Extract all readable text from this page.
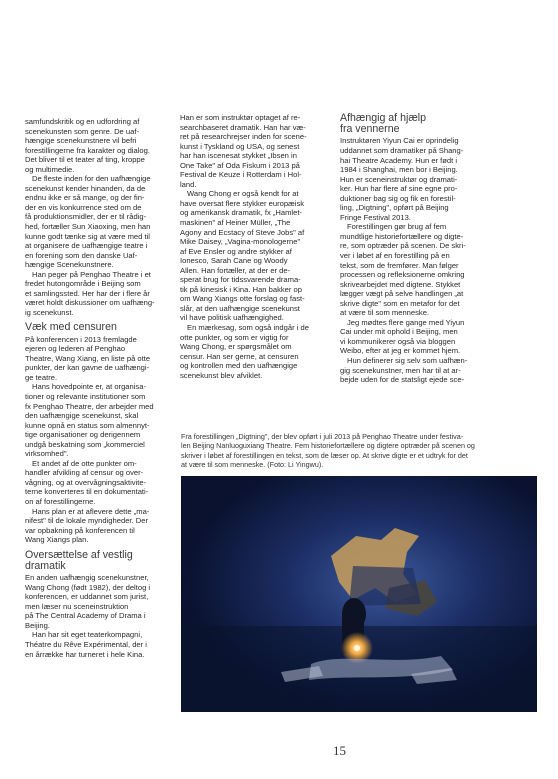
samfundskritik og en udfordring af
scenekunsten som genre. De uaf-
hængige scenekunstnere vil befri
forestillingerne fra karakter og dialog.
Det bliver til et teater af ting, kroppe
og multimedie.

De fleste inden for den uafhængige
scenekunst kender hinanden, da de
endnu ikke er så mange, og der fin-
der en vis konkurrence sted om de
få produktionsmidler, der er til rådig-
hed, fortæller Sun Xiaoxing, men han
kunne godt tænke sig at være med til
at organisere de uafhængige teatre i
en forening som den danske Uaf-
hængige Scenekunstnere.

Han peger på Penghao Theatre i et
fredet hutongområde i Beijing som
et samlingssted. Her har der i flere år
været holdt diskussioner om uafhæng-
ig scenekunst.

Væk med censuren

På konferencen i 2013 fremlagde
ejeren og lederen af Penghao
Theatre, Wang Xiang, en liste på otte
punkter, der kan gavne de uafhængi-
ge teatre.

Hans hovedpointe er, at organisa-
tioner og relevante institutioner som
fx Penghao Theatre, der arbejder med
den uafhængige scenekunst, skal
kunne opnå en status som almennyt-
tige organisationer og derigennem
undgå beskatning som „kommerciel
virksomhed".

Et andet af de otte punkter om-
handler afvikling af censur og over-
vågning, og at overvågningsaktivite-
terne konverteres til en dokumentati-
on af forestillingerne.

Hans plan er at aflevere dette „ma-
nifest" til de lokale myndigheder. Der
var opbakning på konferencen til
Wang Xiangs plan.

Oversættelse af vestlig
dramatik

En anden uafhængig scenekunstner,
Wang Chong (født 1982), der deltog i
konferencen, er uddannet som jurist,
men læser nu sceneinstruktion
på The Central Academy of Drama i
Beijing.

Han har sit eget teaterkompagni,
Théatre du Rêve Expérimental, der i
en årrække har turneret i hele Kina.

Han er som instruktør optaget af re-
searchbaseret dramatik. Han har væ-
ret på researchrejser inden for scene-
kunst i Tyskland og USA, og senest
har han iscenesat stykket „Ibsen in
One Take" af Oda Fiskum i 2013 på
Festival de Keuze i Rotterdam i Hol-
land.

Wang Chong er også kendt for at
have oversat flere stykker europæisk
og amerikansk dramatik, fx „Hamlet-
maskinen" af Heiner Müller, „The
Agony and Ecstacy of Steve Jobs" af
Mike Daisey, „Vagina-monologerne"
af Eve Ensler og andre stykker af
Ionesco, Sarah Cane og Woody
Allen. Han fortæller, at der er de-
sperat brug for tidssvarende drama-
tik på kinesisk i Kina. Han bakker op
om Wang Xiangs otte forslag og fast-
slår, at den uafhængige scenekunst
vil have politisk uafhængighed.

En mærkesag, som også indgår i de
otte punkter, og som er vigtig for
Wang Chong, er spørgsmålet om
censur. Han ser gerne, at censuren
og kontrollen med den uafhængige
scenekunst blev afviklet.

Afhængig af hjælp
fra vennerne

Instruktøren Yiyun Cai er oprindelig
uddannet som dramatiker på Shang-
hai Theatre Academy. Hun er født i
1984 i Shanghai, men bor i Beijing.
Hun er sceneinstruktør og dramati-
ker. Hun har flere af sine egne pro-
duktioner bag sig og fik en forestil-
ling, „Digtning", opført på Beijing
Fringe Festival 2013.

Forestillingen gør brug af fem
mundtlige historiefortællere og digte-
re, som optræder på scenen. De skri-
ver i løbet af en forestilling på en
tekst, som de fremfører. Man følger
processen og refleksionerne omkring
skrivearbejdet med digtene. Stykket
lægger vægt på selve handlingen „at
skrive digte" som en metafor for det
at være til som menneske.

Jeg mødtes flere gange med Yiyun
Cai under mit ophold i Beijing, men
vi kommunikerer også via bloggen
Weibo, efter at jeg er kommet hjem.

Hun definerer sig selv som uafhæn-
gig scenekunstner, men har til at ar-
bejde uden for de statsligt ejede sce-

Fra forestillingen „Digtning", der blev opført i juli 2013 på Penghao Theatre under festiva-
len Beijing Nanluoguxiang Theatre. Fem historiefortællere og digtere optræder på scenen og
skriver i løbet af forestillingen en tekst, som de læser op. At skrive digte er et udtryk for det
at være til som menneske. (Foto: Li Yingwu).

15
